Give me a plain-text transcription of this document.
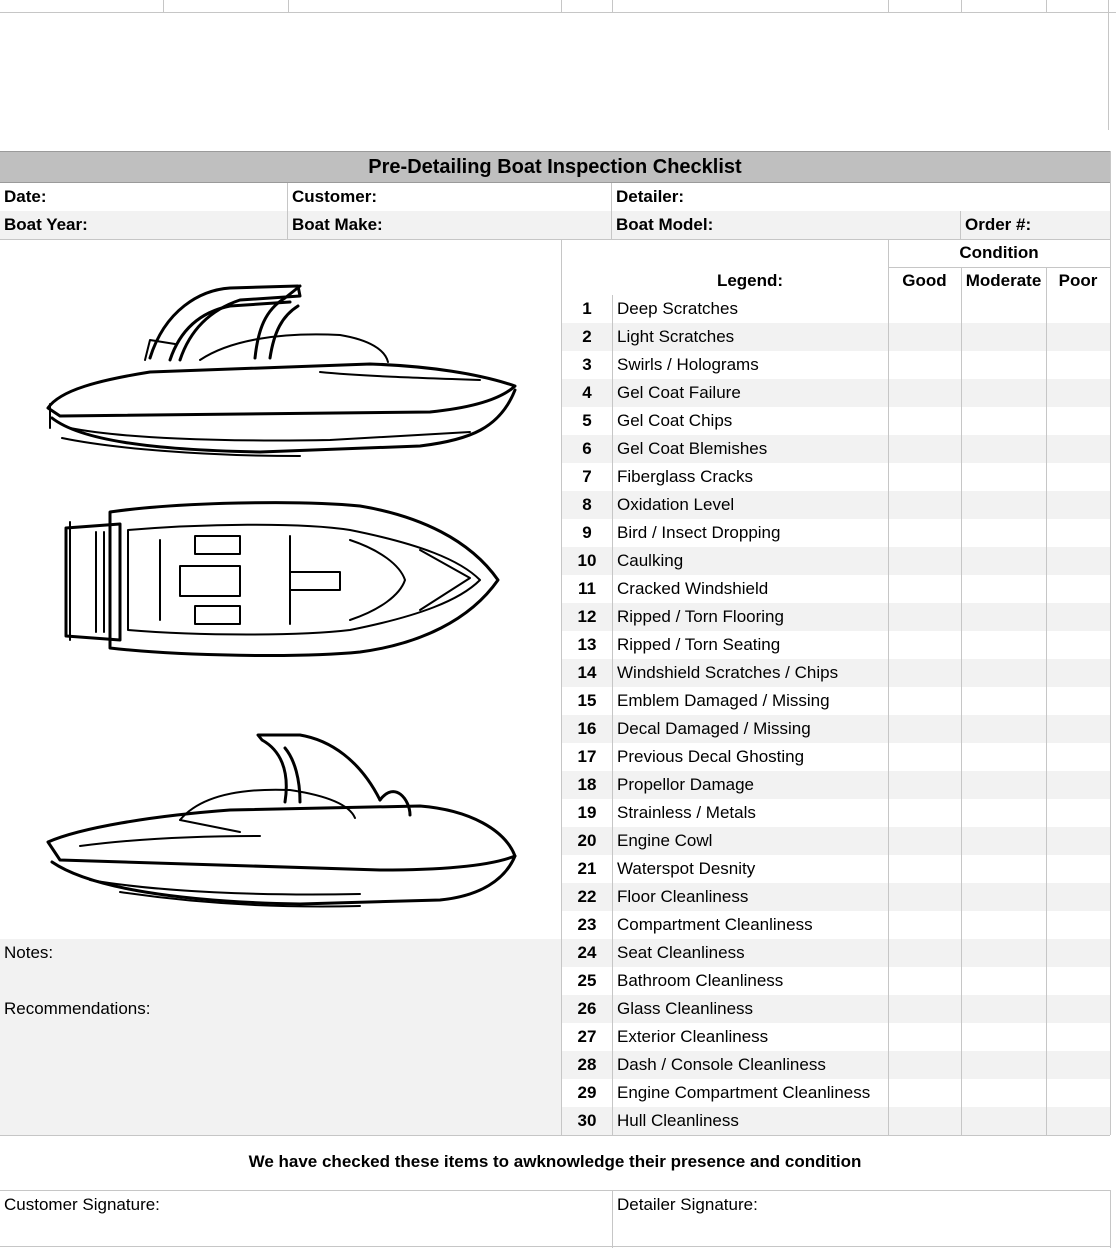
Pre-Detailing Boat Inspection Checklist
Date:	Customer:	Detailer:
Boat Year:	Boat Make:	Boat Model:	Order #:
Condition
Legend:	Good	Moderate	Poor
1	Deep Scratches
2	Light Scratches
3	Swirls / Holograms
4	Gel Coat Failure
5	Gel Coat Chips
6	Gel Coat Blemishes
7	Fiberglass Cracks
8	Oxidation Level
9	Bird / Insect Dropping
10	Caulking
11	Cracked Windshield
12	Ripped / Torn Flooring
13	Ripped / Torn Seating
14	Windshield Scratches / Chips
15	Emblem Damaged / Missing
16	Decal Damaged / Missing
17	Previous Decal Ghosting
18	Propellor Damage
19	Strainless / Metals
20	Engine Cowl
21	Waterspot Desnity
22	Floor Cleanliness
23	Compartment Cleanliness
24	Seat Cleanliness
25	Bathroom Cleanliness
26	Glass Cleanliness
27	Exterior Cleanliness
28	Dash / Console Cleanliness
29	Engine Compartment Cleanliness
30	Hull Cleanliness
Notes:
Recommendations:
We have checked these items to awknowledge their presence and condition
Customer Signature:	Detailer Signature:
